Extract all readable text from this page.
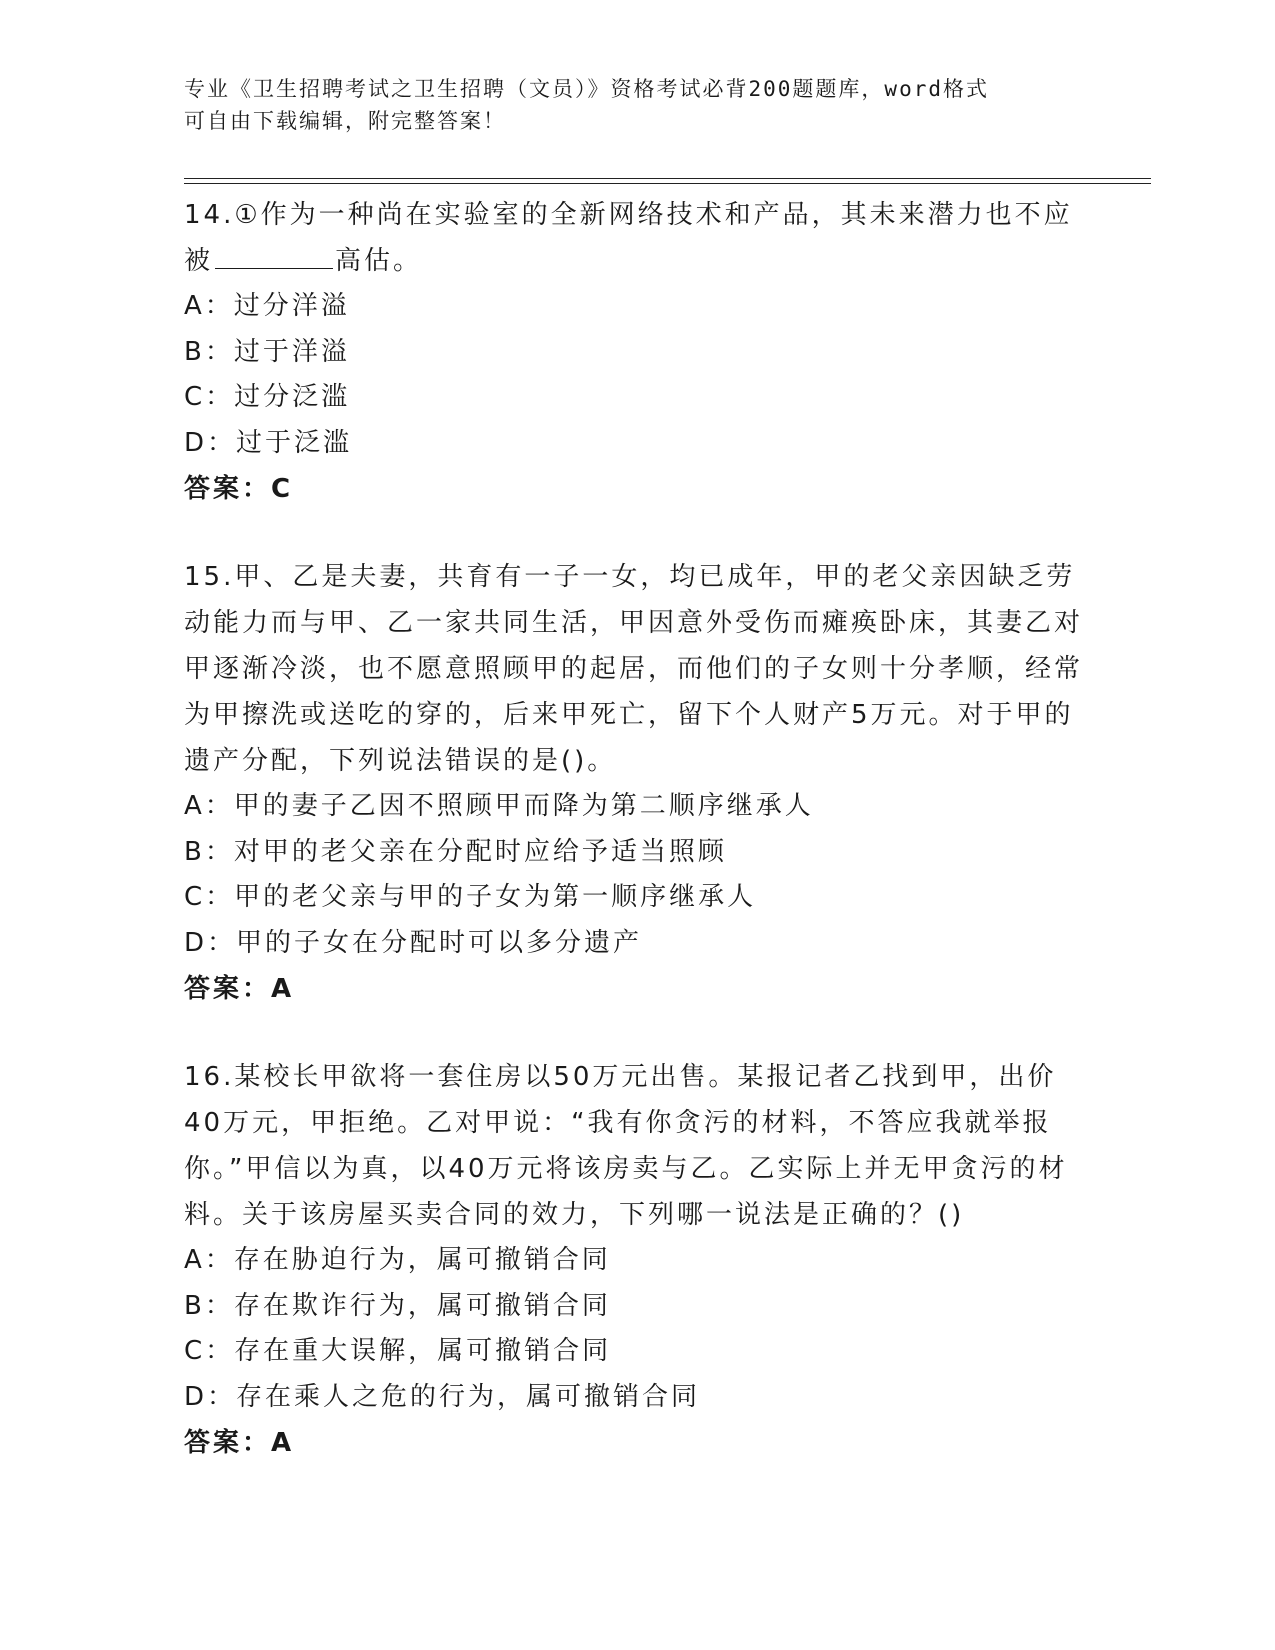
专业《卫生招聘考试之卫生招聘（文员）》资格考试必背200题题库，word格式
可自由下载编辑，附完整答案！

14.①作为一种尚在实验室的全新网络技术和产品，其未来潜力也不应被	高估。

A：过分洋溢

B：过于洋溢

C：过分泛滥

D：过于泛滥

答案：C

15.甲、乙是夫妻，共育有一子一女，均已成年，甲的老父亲因缺乏劳动能力而与甲、乙一家共同生活，甲因意外受伤而瘫痪卧床，其妻乙对甲逐渐冷淡，也不愿意照顾甲的起居，而他们的子女则十分孝顺，经常为甲擦洗或送吃的穿的，后来甲死亡，留下个人财产5万元。对于甲的遗产分配，下列说法错误的是()。

A：甲的妻子乙因不照顾甲而降为第二顺序继承人

B：对甲的老父亲在分配时应给予适当照顾

C：甲的老父亲与甲的子女为第一顺序继承人

D：甲的子女在分配时可以多分遗产

答案：A

16.某校长甲欲将一套住房以50万元出售。某报记者乙找到甲，出价40万元，甲拒绝。乙对甲说：“我有你贪污的材料，不答应我就举报你。”甲信以为真，以40万元将该房卖与乙。乙实际上并无甲贪污的材料。关于该房屋买卖合同的效力，下列哪一说法是正确的？()

A：存在胁迫行为，属可撤销合同

B：存在欺诈行为，属可撤销合同

C：存在重大误解，属可撤销合同

D：存在乘人之危的行为，属可撤销合同

答案：A
